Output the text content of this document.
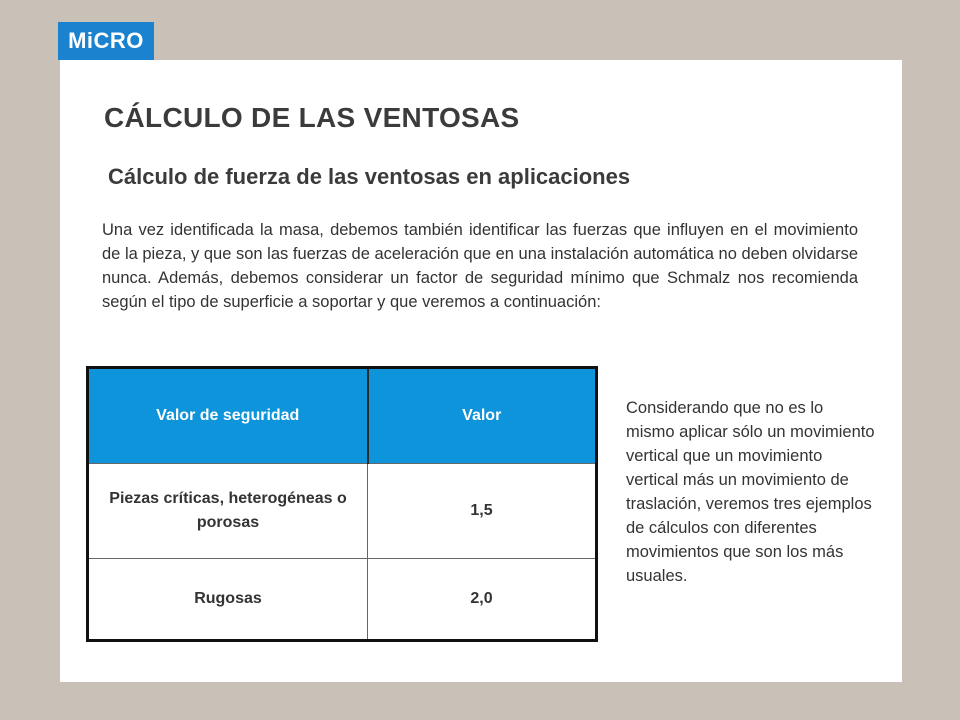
MiCRO
CÁLCULO DE LAS VENTOSAS
Cálculo de fuerza de las ventosas en aplicaciones

Una vez identificada la masa, debemos también identificar las fuerzas que influyen en el movimiento de la pieza, y que son las fuerzas de aceleración que en una instalación automática no deben olvidarse nunca. Además, debemos considerar un factor de seguridad mínimo que Schmalz nos recomienda según el tipo de superficie a soportar y que veremos a continuación:

Valor de seguridad	Valor
Piezas críticas, heterogéneas o porosas	1,5
Rugosas	2,0

Considerando que no es lo mismo aplicar sólo un movimiento vertical que un movimiento vertical más un movimiento de traslación, veremos tres ejemplos de cálculos con diferentes movimientos que son los más usuales.
